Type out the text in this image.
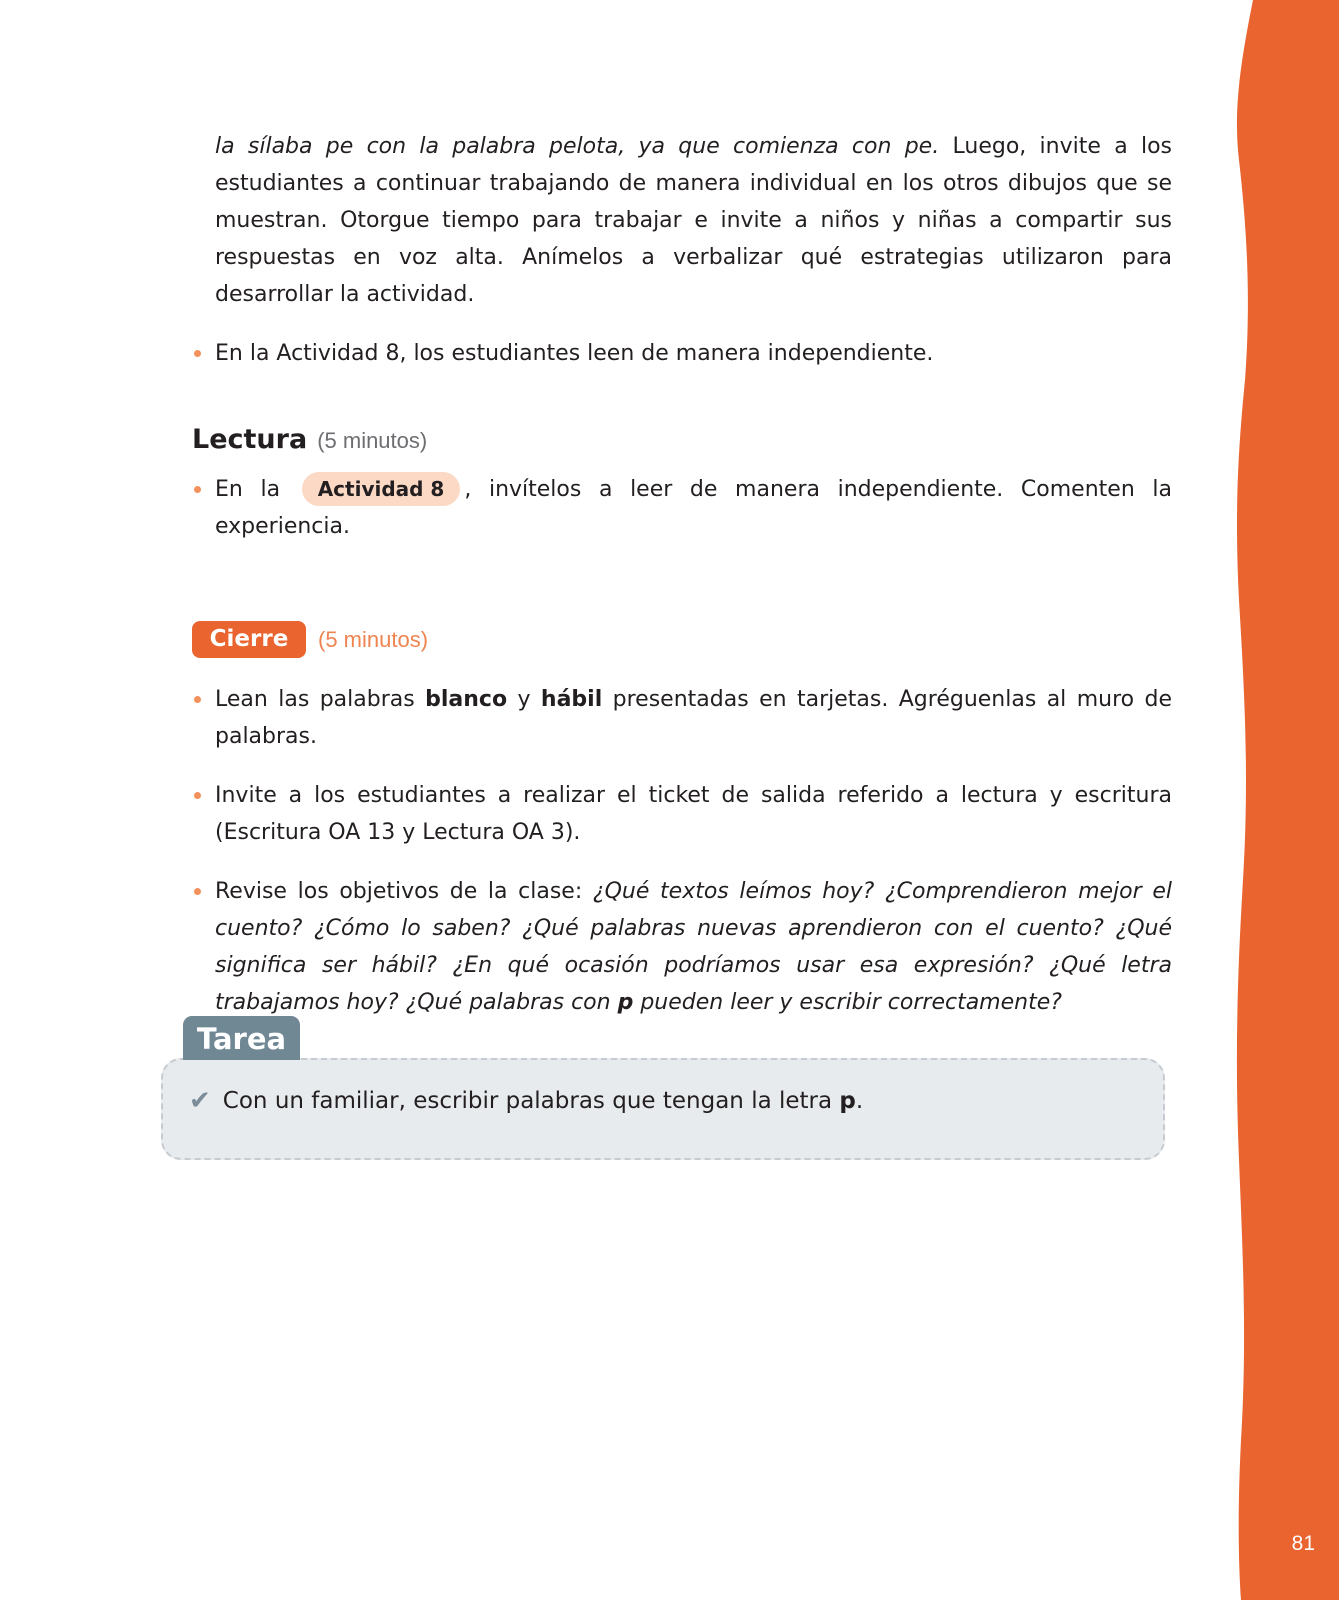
81

la sílaba pe con la palabra pelota, ya que comienza con pe. Luego, invite a los estudiantes a continuar trabajando de manera individual en los otros dibujos que se muestran. Otorgue tiempo para trabajar e invite a niños y niñas a compartir sus respuestas en voz alta. Anímelos a verbalizar qué estrategias utilizaron para desarrollar la actividad.

En la Actividad 8, los estudiantes leen de manera independiente.

Lectura (5 minutos)

En la Actividad 8 , invítelos a leer de manera independiente. Comenten la experiencia.

Cierre	(5 minutos)

Lean las palabras blanco y hábil presentadas en tarjetas. Agréguenlas al muro de palabras.

Invite a los estudiantes a realizar el ticket de salida referido a lectura y escritura (Escritura OA 13 y Lectura OA 3).

Revise los objetivos de la clase: ¿Qué textos leímos hoy? ¿Comprendieron mejor el cuento? ¿Cómo lo saben? ¿Qué palabras nuevas aprendieron con el cuento? ¿Qué significa ser hábil? ¿En qué ocasión podríamos usar esa expresión? ¿Qué letra trabajamos hoy? ¿Qué palabras con p pueden leer y escribir correctamente?

✔ Con un familiar, escribir palabras que tengan la letra p.
Tarea
